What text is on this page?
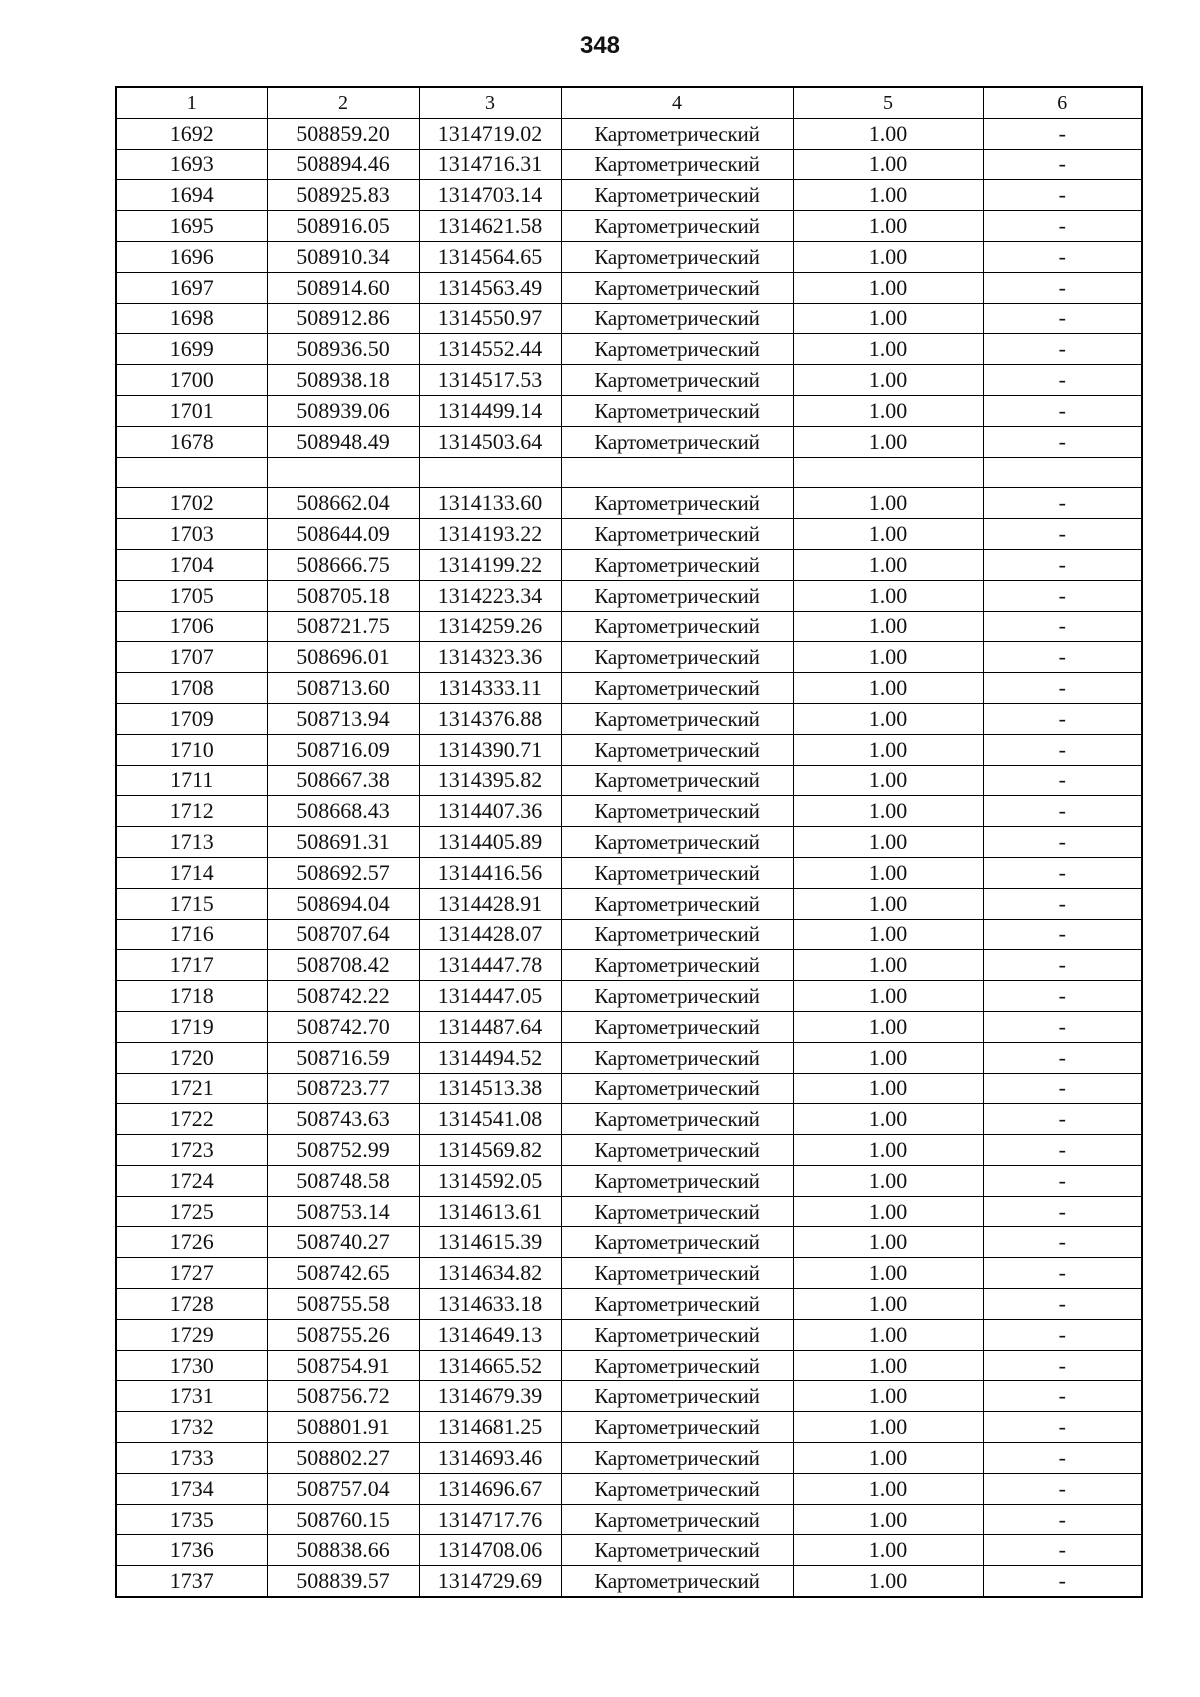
348
1	2	3	4	5	6
1692	508859.20	1314719.02	Картометрический	1.00	-
1693	508894.46	1314716.31	Картометрический	1.00	-
1694	508925.83	1314703.14	Картометрический	1.00	-
1695	508916.05	1314621.58	Картометрический	1.00	-
1696	508910.34	1314564.65	Картометрический	1.00	-
1697	508914.60	1314563.49	Картометрический	1.00	-
1698	508912.86	1314550.97	Картометрический	1.00	-
1699	508936.50	1314552.44	Картометрический	1.00	-
1700	508938.18	1314517.53	Картометрический	1.00	-
1701	508939.06	1314499.14	Картометрический	1.00	-
1678	508948.49	1314503.64	Картометрический	1.00	-

1702	508662.04	1314133.60	Картометрический	1.00	-
1703	508644.09	1314193.22	Картометрический	1.00	-
1704	508666.75	1314199.22	Картометрический	1.00	-
1705	508705.18	1314223.34	Картометрический	1.00	-
1706	508721.75	1314259.26	Картометрический	1.00	-
1707	508696.01	1314323.36	Картометрический	1.00	-
1708	508713.60	1314333.11	Картометрический	1.00	-
1709	508713.94	1314376.88	Картометрический	1.00	-
1710	508716.09	1314390.71	Картометрический	1.00	-
1711	508667.38	1314395.82	Картометрический	1.00	-
1712	508668.43	1314407.36	Картометрический	1.00	-
1713	508691.31	1314405.89	Картометрический	1.00	-
1714	508692.57	1314416.56	Картометрический	1.00	-
1715	508694.04	1314428.91	Картометрический	1.00	-
1716	508707.64	1314428.07	Картометрический	1.00	-
1717	508708.42	1314447.78	Картометрический	1.00	-
1718	508742.22	1314447.05	Картометрический	1.00	-
1719	508742.70	1314487.64	Картометрический	1.00	-
1720	508716.59	1314494.52	Картометрический	1.00	-
1721	508723.77	1314513.38	Картометрический	1.00	-
1722	508743.63	1314541.08	Картометрический	1.00	-
1723	508752.99	1314569.82	Картометрический	1.00	-
1724	508748.58	1314592.05	Картометрический	1.00	-
1725	508753.14	1314613.61	Картометрический	1.00	-
1726	508740.27	1314615.39	Картометрический	1.00	-
1727	508742.65	1314634.82	Картометрический	1.00	-
1728	508755.58	1314633.18	Картометрический	1.00	-
1729	508755.26	1314649.13	Картометрический	1.00	-
1730	508754.91	1314665.52	Картометрический	1.00	-
1731	508756.72	1314679.39	Картометрический	1.00	-
1732	508801.91	1314681.25	Картометрический	1.00	-
1733	508802.27	1314693.46	Картометрический	1.00	-
1734	508757.04	1314696.67	Картометрический	1.00	-
1735	508760.15	1314717.76	Картометрический	1.00	-
1736	508838.66	1314708.06	Картометрический	1.00	-
1737	508839.57	1314729.69	Картометрический	1.00	-
